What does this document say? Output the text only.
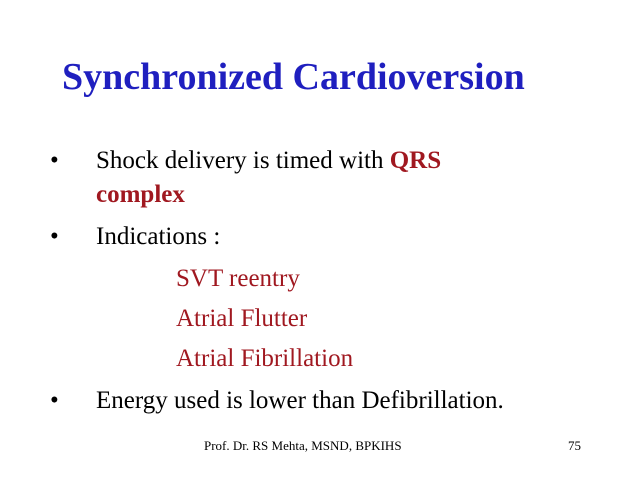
Synchronized Cardioversion
•	Shock delivery is timed with QRS
complex
•	Indications :
SVT reentry
Atrial Flutter
Atrial Fibrillation
•	Energy used is lower than Defibrillation.
Prof. Dr. RS Mehta, MSND, BPKIHS	75
